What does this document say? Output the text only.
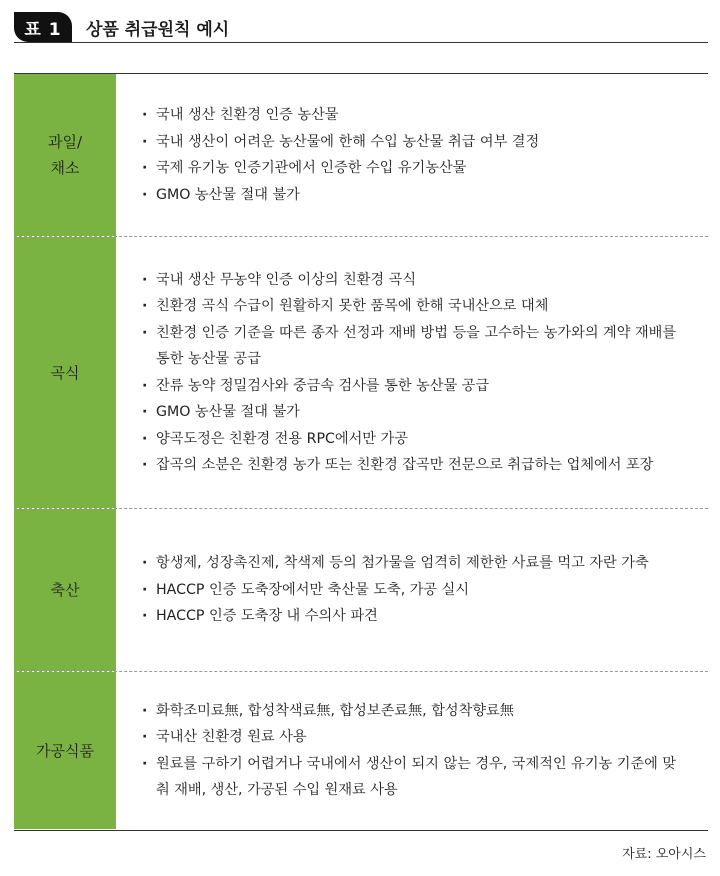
표 1	상품 취급원칙 예시
과일/
채소
· 국내 생산 친환경 인증 농산물
· 국내 생산이 어려운 농산물에 한해 수입 농산물 취급 여부 결정
· 국제 유기농 인증기관에서 인증한 수입 유기농산물
· GMO 농산물 절대 불가
곡식
· 국내 생산 무농약 인증 이상의 친환경 곡식
· 친환경 곡식 수급이 원활하지 못한 품목에 한해 국내산으로 대체
· 친환경 인증 기준을 따른 종자 선정과 재배 방법 등을 고수하는 농가와의 계약 재배를
통한 농산물 공급
· 잔류 농약 정밀검사와 중금속 검사를 통한 농산물 공급
· GMO 농산물 절대 불가
· 양곡도정은 친환경 전용 RPC에서만 가공
· 잡곡의 소분은 친환경 농가 또는 친환경 잡곡만 전문으로 취급하는 업체에서 포장
축산
· 항생제, 성장촉진제, 착색제 등의 첨가물을 엄격히 제한한 사료를 먹고 자란 가축
· HACCP 인증 도축장에서만 축산물 도축, 가공 실시
· HACCP 인증 도축장 내 수의사 파견
가공식품
· 화학조미료無, 합성착색료無, 합성보존료無, 합성착향료無
· 국내산 친환경 원료 사용
· 원료를 구하기 어렵거나 국내에서 생산이 되지 않는 경우, 국제적인 유기농 기준에 맞
춰 재배, 생산, 가공된 수입 원재료 사용
자료: 오아시스
